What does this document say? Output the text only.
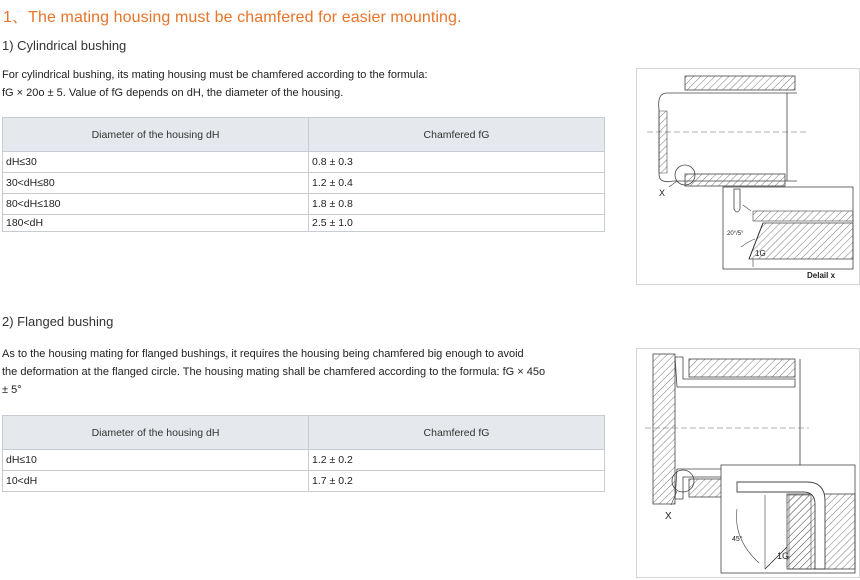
1、The mating housing must be chamfered for easier mounting.
1) Cylindrical bushing
For cylindrical bushing, its mating housing must be chamfered according to the formula:
fG × 20o ± 5. Value of fG depends on dH, the diameter of the housing.
Diameter of the housing dH	Chamfered fG
dH≤30	0.8 ± 0.3
30<dH≤80	1.2 ± 0.4
80<dH≤180	1.8 ± 0.8
180<dH	2.5 ± 1.0
X
20°/5°
1G
Delail x
2) Flanged bushing
As to the housing mating for flanged bushings, it requires the housing being chamfered big enough to avoid
the deformation at the flanged circle. The housing mating shall be chamfered according to the formula: fG × 45o
± 5°
Diameter of the housing dH	Chamfered fG
dH≤10	1.2 ± 0.2
10<dH	1.7 ± 0.2
X
45°
1G
